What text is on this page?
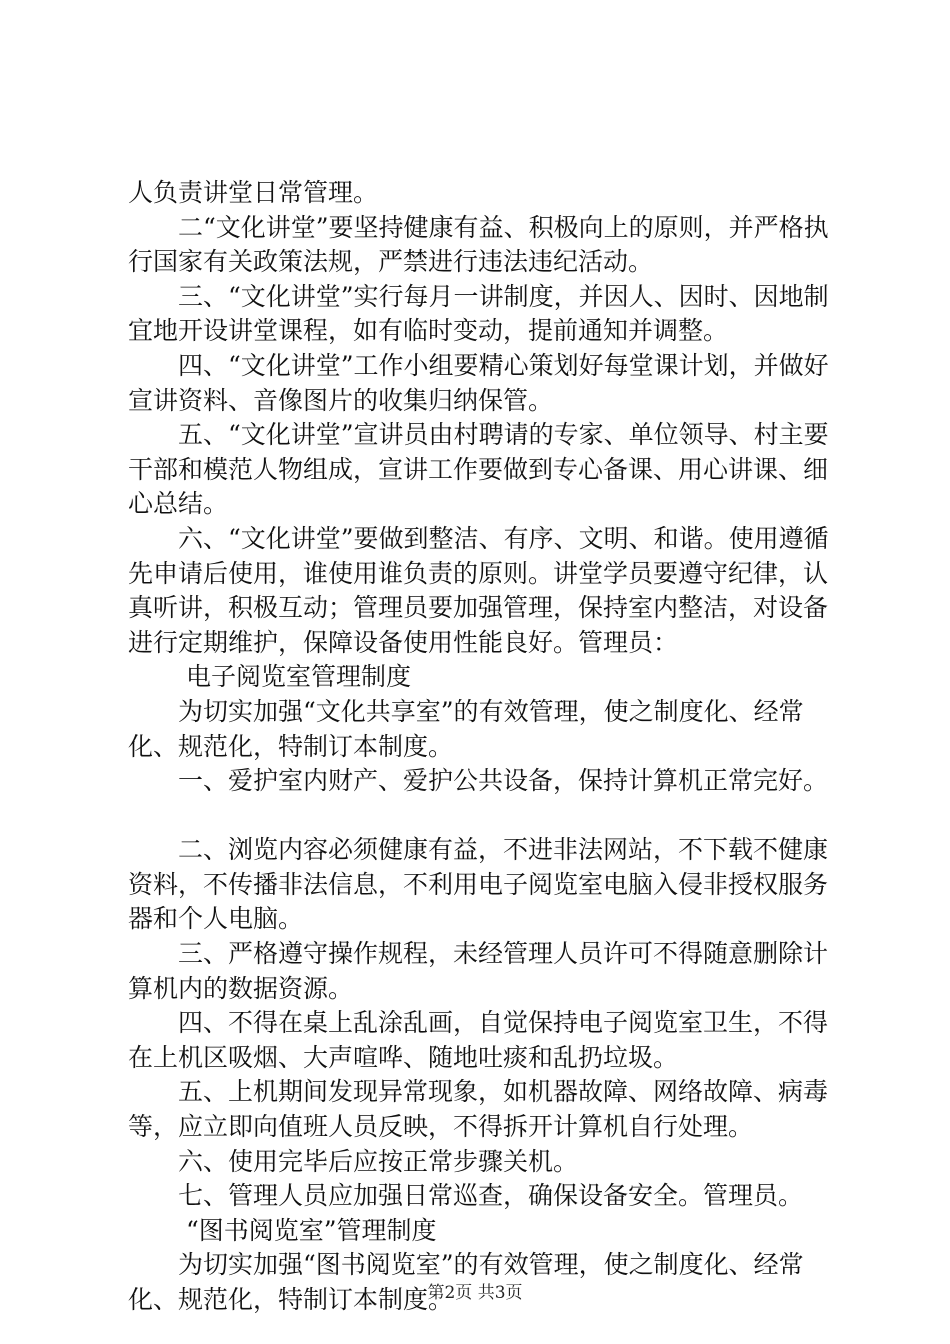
人负责讲堂日常管理。

二“文化讲堂”要坚持健康有益、积极向上的原则，并严格执行国家有关政策法规，严禁进行违法违纪活动。

三、“文化讲堂”实行每月一讲制度，并因人、因时、因地制宜地开设讲堂课程，如有临时变动，提前通知并调整。

四、“文化讲堂”工作小组要精心策划好每堂课计划，并做好宣讲资料、音像图片的收集归纳保管。

五、“文化讲堂”宣讲员由村聘请的专家、单位领导、村主要干部和模范人物组成，宣讲工作要做到专心备课、用心讲课、细心总结。

六、“文化讲堂”要做到整洁、有序、文明、和谐。使用遵循先申请后使用，谁使用谁负责的原则。讲堂学员要遵守纪律，认真听讲，积极互动；管理员要加强管理，保持室内整洁，对设备进行定期维护，保障设备使用性能良好。管理员：

电子阅览室管理制度

为切实加强“文化共享室”的有效管理，使之制度化、经常化、规范化，特制订本制度。

一、爱护室内财产、爱护公共设备，保持计算机正常完好。

二、浏览内容必须健康有益，不进非法网站，不下载不健康资料，不传播非法信息，不利用电子阅览室电脑入侵非授权服务器和个人电脑。

三、严格遵守操作规程，未经管理人员许可不得随意删除计算机内的数据资源。

四、不得在桌上乱涂乱画，自觉保持电子阅览室卫生，不得在上机区吸烟、大声喧哗、随地吐痰和乱扔垃圾。

五、上机期间发现异常现象，如机器故障、网络故障、病毒等，应立即向值班人员反映，不得拆开计算机自行处理。

六、使用完毕后应按正常步骤关机。

七、管理人员应加强日常巡查，确保设备安全。管理员。

“图书阅览室”管理制度

为切实加强“图书阅览室”的有效管理，使之制度化、经常化、规范化，特制订本制度。

第2页 共3页
